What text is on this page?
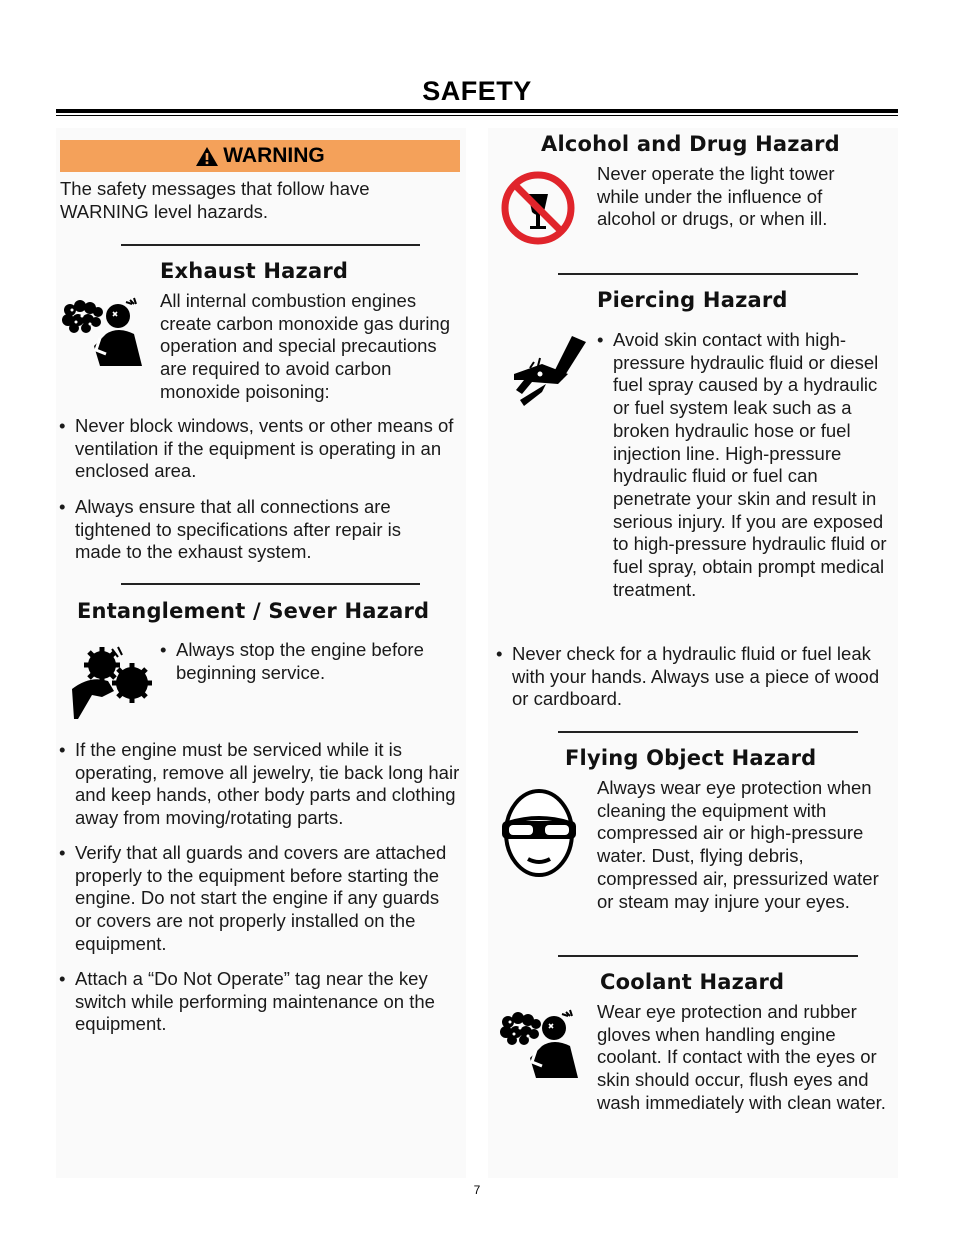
SAFETY
WARNING

The safety messages that follow have WARNING level hazards.

Exhaust Hazard

All internal combustion engines create carbon monoxide gas during operation and special precautions are required to avoid carbon monoxide poisoning:

• Never block windows, vents or other means of ventilation if the equipment is operating in an enclosed area.

• Always ensure that all connections are tightened to specifications after repair is made to the exhaust system.

Entanglement / Sever Hazard

• Always stop the engine before beginning service.

• If the engine must be serviced while it is operating, remove all jewelry, tie back long hair and keep hands, other body parts and clothing away from moving/rotating parts.

• Verify that all guards and covers are attached properly to the equipment before starting the engine. Do not start the engine if any guards or covers are not properly installed on the equipment.

• Attach a “Do Not Operate” tag near the key switch while performing maintenance on the equipment.

Alcohol and Drug Hazard

Never operate the light tower while under the influence of alcohol or drugs, or when ill.

Piercing Hazard

• Avoid skin contact with high-pressure hydraulic fluid or diesel fuel spray caused by a hydraulic or fuel system leak such as a broken hydraulic hose or fuel injection line. High-pressure hydraulic fluid or fuel can penetrate your skin and result in serious injury. If you are exposed to high-pressure hydraulic fluid or fuel spray, obtain prompt medical treatment.

• Never check for a hydraulic fluid or fuel leak with your hands. Always use a piece of wood or cardboard.

Flying Object Hazard

Always wear eye protection when cleaning the equipment with compressed air or high-pressure water. Dust, flying debris, compressed air, pressurized water or steam may injure your eyes.

Coolant Hazard

Wear eye protection and rubber gloves when handling engine coolant. If contact with the eyes or skin should occur, flush eyes and wash immediately with clean water.

7
